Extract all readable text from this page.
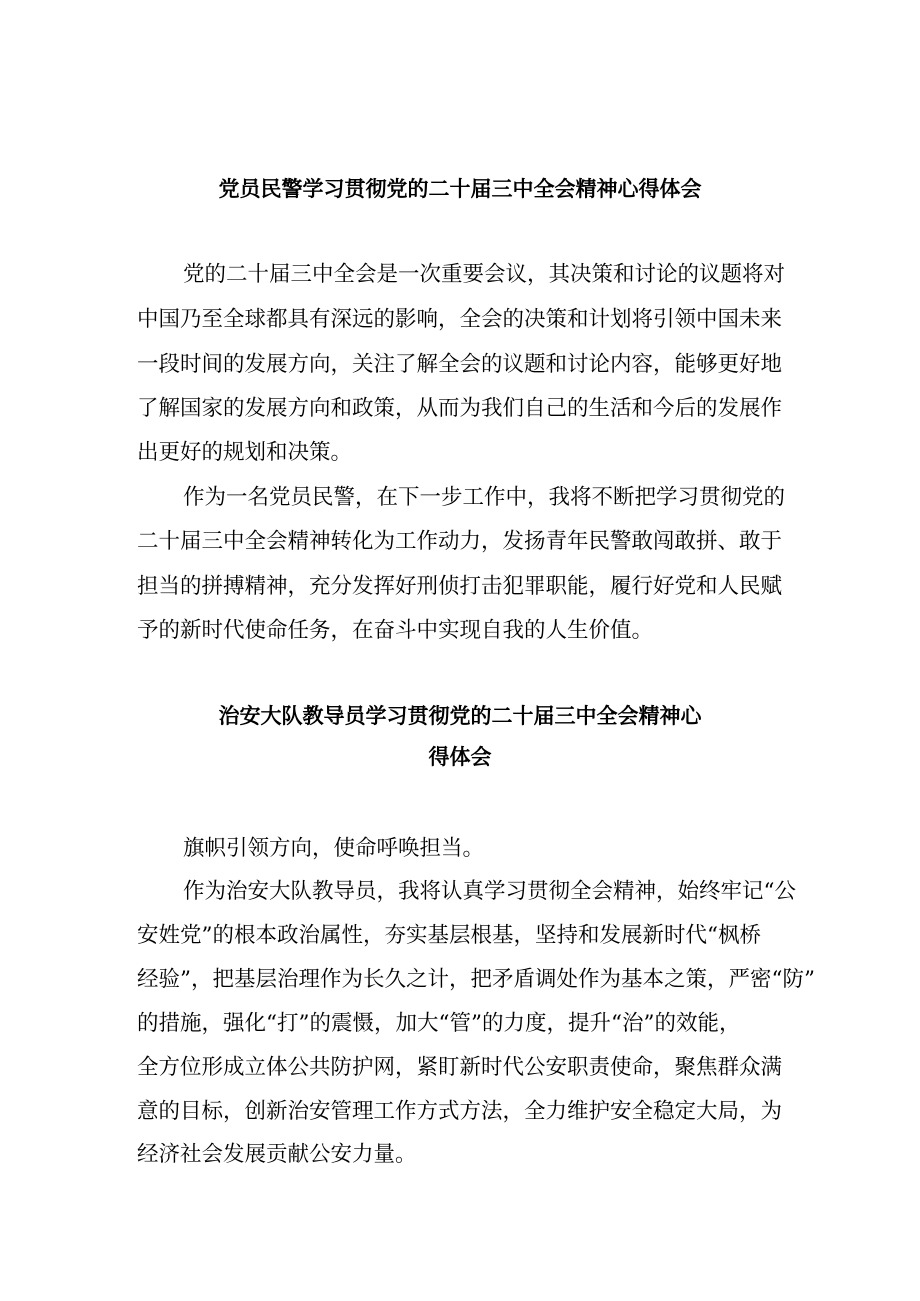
党员民警学习贯彻党的二十届三中全会精神心得体会

党的二十届三中全会是一次重要会议，其决策和讨论的议题将对

中国乃至全球都具有深远的影响，全会的决策和计划将引领中国未来

一段时间的发展方向，关注了解全会的议题和讨论内容，能够更好地

了解国家的发展方向和政策，从而为我们自己的生活和今后的发展作

出更好的规划和决策。

作为一名党员民警，在下一步工作中，我将不断把学习贯彻党的

二十届三中全会精神转化为工作动力，发扬青年民警敢闯敢拼、敢于

担当的拼搏精神，充分发挥好刑侦打击犯罪职能，履行好党和人民赋

予的新时代使命任务，在奋斗中实现自我的人生价值。

治安大队教导员学习贯彻党的二十届三中全会精神心
得体会

旗帜引领方向，使命呼唤担当。

作为治安大队教导员，我将认真学习贯彻全会精神，始终牢记“公

安姓党”的根本政治属性，夯实基层根基，坚持和发展新时代“枫桥

经验”，把基层治理作为长久之计，把矛盾调处作为基本之策，严密“防”

的措施，强化“打”的震慑，加大“管”的力度，提升“治”的效能，

全方位形成立体公共防护网，紧盯新时代公安职责使命，聚焦群众满

意的目标，创新治安管理工作方式方法，全力维护安全稳定大局，为

经济社会发展贡献公安力量。
